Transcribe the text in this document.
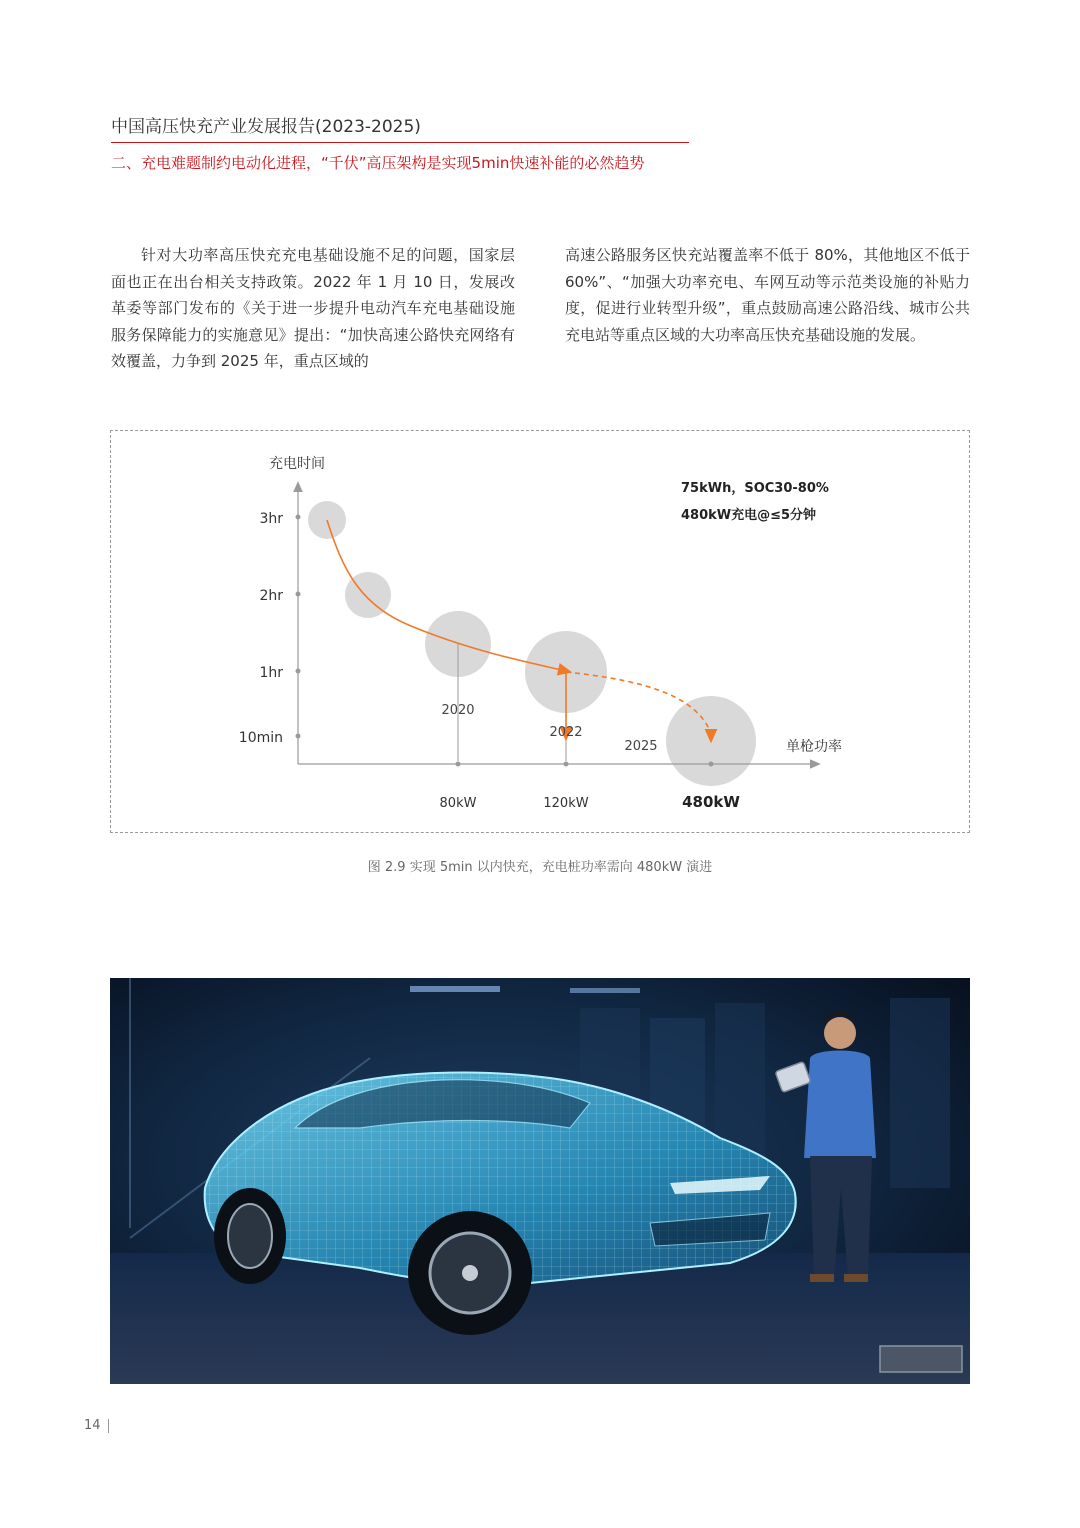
中国高压快充产业发展报告(2023-2025)
二、充电难题制约电动化进程，“千伏”高压架构是实现5min快速补能的必然趋势

针对大功率高压快充充电基础设施不足的问题，国家层面也正在出台相关支持政策。2022 年 1 月 10 日，发展改革委等部门发布的《关于进一步提升电动汽车充电基础设施服务保障能力的实施意见》提出：“加快高速公路快充网络有效覆盖，力争到 2025 年，重点区域的

高速公路服务区快充站覆盖率不低于 80%，其他地区不低于 60%”、“加强大功率充电、车网互动等示范类设施的补贴力度，促进行业转型升级”，重点鼓励高速公路沿线、城市公共充电站等重点区域的大功率高压快充基础设施的发展。

充电时间
单枪功率
3hr
2hr
1hr
10min
80kW	120kW	480kW
2020
2022
2025
75kWh，SOC30-80%
480kW充电@≤5分钟
图 2.9 实现 5min 以内快充，充电桩功率需向 480kW 演进
14
